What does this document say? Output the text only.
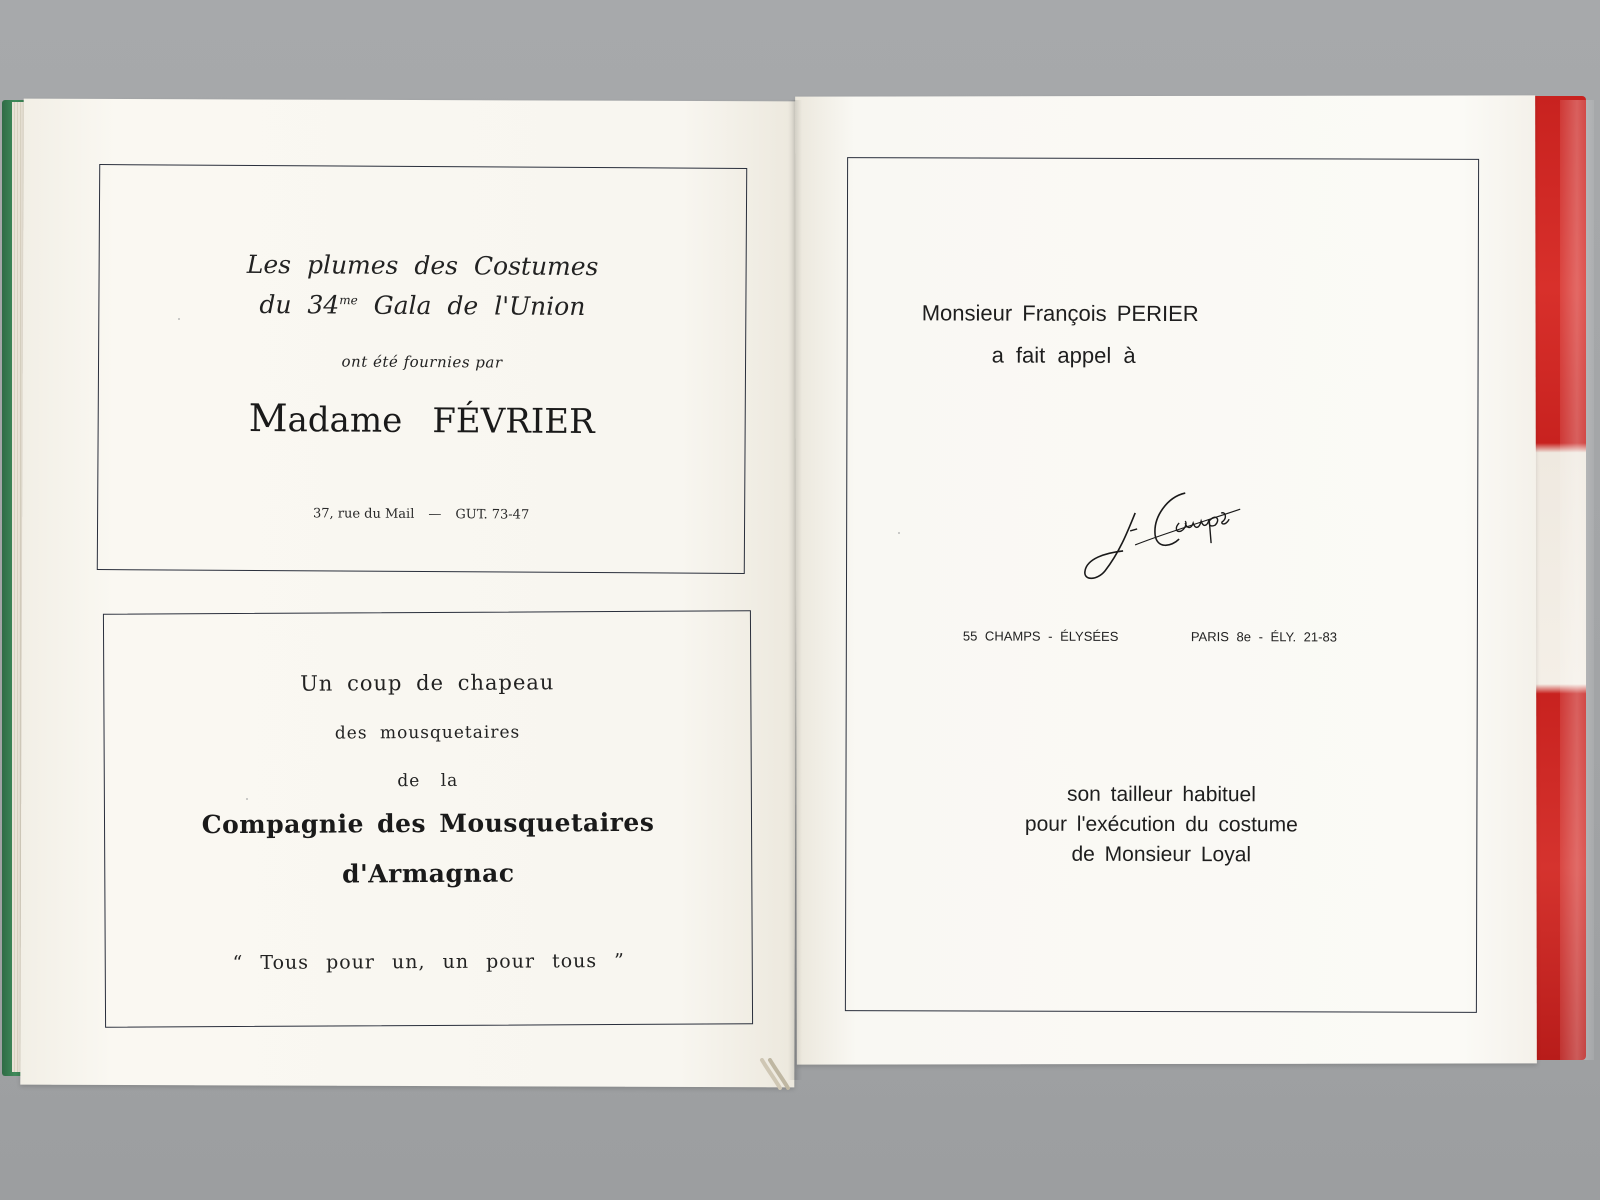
Les plumes des Costumes
du $34^{me}$ Gala de l'Union
ont été fournies par
Madame FÉVRIER
37, rue du Mail — GUT. 73-47
Un coup de chapeau
des mousquetaires
de la
Compagnie des Mousquetaires
d'Armagnac
“ Tous pour un, un pour tous ”
Monsieur François PERIER
a fait appel à
55 CHAMPS - ÉLYSÉES	PARIS 8e - ÉLY. 21-83
son tailleur habituel
pour l'exécution du costume
de Monsieur Loyal
